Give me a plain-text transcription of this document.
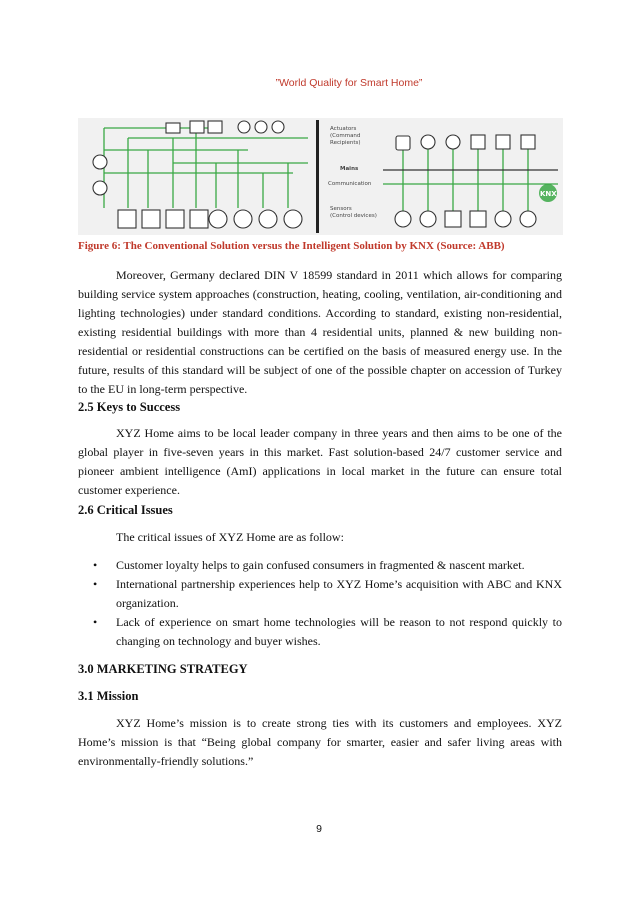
”World Quality for Smart Home”
Actuators
(Command
Recipients)
Mains
Communication
Sensors
(Control devices)
KNX
Figure 6: The Conventional Solution versus the Intelligent Solution by KNX (Source: ABB)

Moreover, Germany declared DIN V 18599 standard in 2011 which allows for comparing building service system approaches (construction, heating, cooling, ventilation, air-conditioning and lighting technologies) under standard conditions. According to standard, existing non-residential, existing residential buildings with more than 4 residential units, planned & new building non-residential or residential constructions can be certified on the basis of measured energy use. In the future, results of this standard will be subject of one of the possible chapter on accession of Turkey to the EU in long-term perspective.

2.5 Keys to Success

XYZ Home aims to be local leader company in three years and then aims to be one of the global player in five-seven years in this market. Fast solution-based 24/7 customer service and pioneer ambient intelligence (AmI) applications in local market in the future can ensure total customer experience.

2.6 Critical Issues

The critical issues of XYZ Home are as follow:

• Customer loyalty helps to gain confused consumers in fragmented & nascent market.
• International partnership experiences help to XYZ Home’s acquisition with ABC and KNX organization.
• Lack of experience on smart home technologies will be reason to not respond quickly to changing on technology and buyer wishes.
3.0 MARKETING STRATEGY
3.1 Mission

XYZ Home’s mission is to create strong ties with its customers and employees. XYZ Home’s mission is that “Being global company for smarter, easier and safer living areas with environmentally-friendly solutions.”

9
